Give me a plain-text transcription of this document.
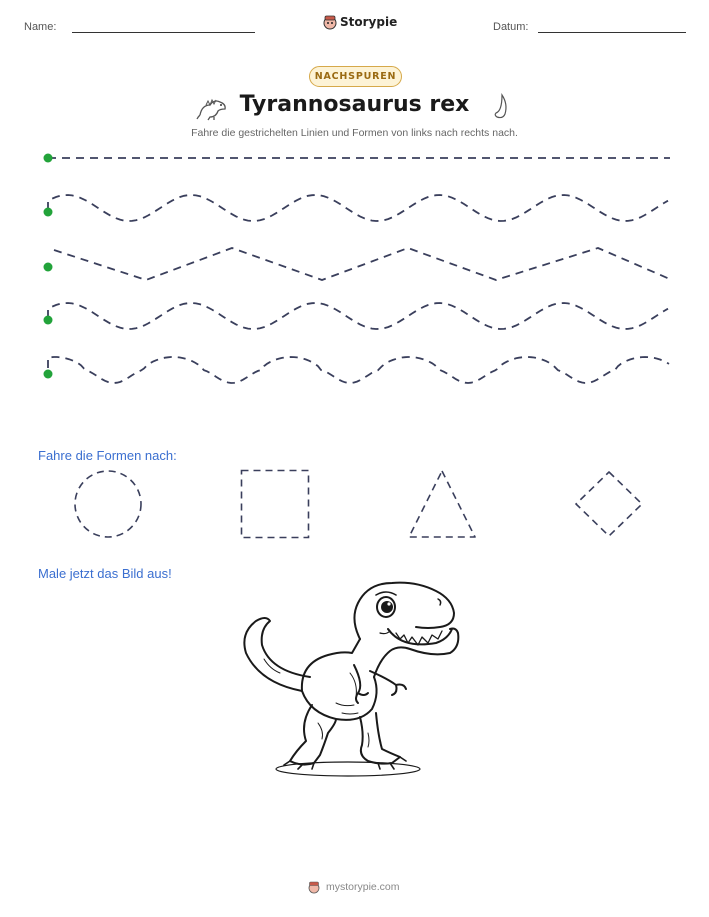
Name:	Storypie	Datum:
NACHSPUREN
Tyrannosaurus rex
Fahre die gestrichelten Linien und Formen von links nach rechts nach.
Fahre die Formen nach:
Male jetzt das Bild aus!
mystorypie.com
